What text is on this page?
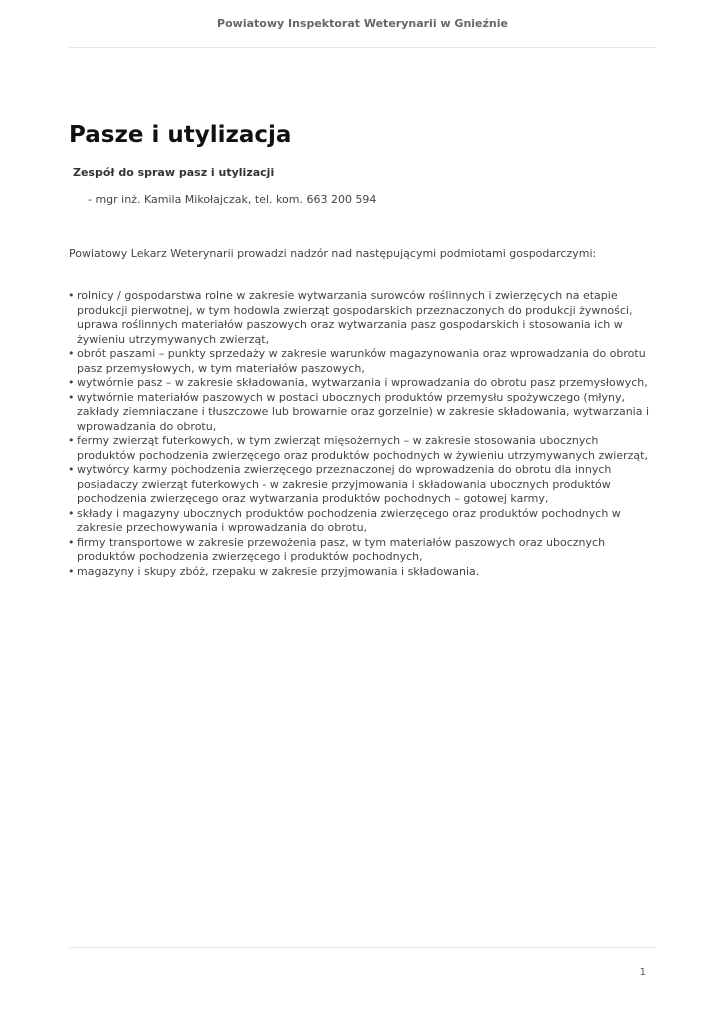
Powiatowy Inspektorat Weterynarii w Gnieźnie
Pasze i utylizacja
Zespół do spraw pasz i utylizacji
- mgr inż. Kamila Mikołajczak, tel. kom. 663 200 594
Powiatowy Lekarz Weterynarii prowadzi nadzór nad następującymi podmiotami gospodarczymi:
• rolnicy / gospodarstwa rolne w zakresie wytwarzania surowców roślinnych i zwierzęcych na etapie produkcji pierwotnej, w tym hodowla zwierząt gospodarskich przeznaczonych do produkcji żywności, uprawa roślinnych materiałów paszowych oraz wytwarzania pasz gospodarskich i stosowania ich w żywieniu utrzymywanych zwierząt,
• obrót paszami – punkty sprzedaży w zakresie warunków magazynowania oraz wprowadzania do obrotu pasz przemysłowych, w tym materiałów paszowych,
• wytwórnie pasz – w zakresie składowania, wytwarzania i wprowadzania do obrotu pasz przemysłowych,
• wytwórnie materiałów paszowych w postaci ubocznych produktów przemysłu spożywczego (młyny, zakłady ziemniaczane i tłuszczowe lub browarnie oraz gorzelnie) w zakresie składowania, wytwarzania i wprowadzania do obrotu,
• fermy zwierząt futerkowych, w tym zwierząt mięsożernych – w zakresie stosowania ubocznych produktów pochodzenia zwierzęcego oraz produktów pochodnych w żywieniu utrzymywanych zwierząt,
• wytwórcy karmy pochodzenia zwierzęcego przeznaczonej do wprowadzenia do obrotu dla innych posiadaczy zwierząt futerkowych - w zakresie przyjmowania i składowania ubocznych produktów pochodzenia zwierzęcego oraz wytwarzania produktów pochodnych – gotowej karmy,
• składy i magazyny ubocznych produktów pochodzenia zwierzęcego oraz produktów pochodnych w zakresie przechowywania i wprowadzania do obrotu,
• firmy transportowe w zakresie przewożenia pasz, w tym materiałów paszowych oraz ubocznych produktów pochodzenia zwierzęcego i produktów pochodnych,
• magazyny i skupy zbóż, rzepaku w zakresie przyjmowania i składowania.
1
